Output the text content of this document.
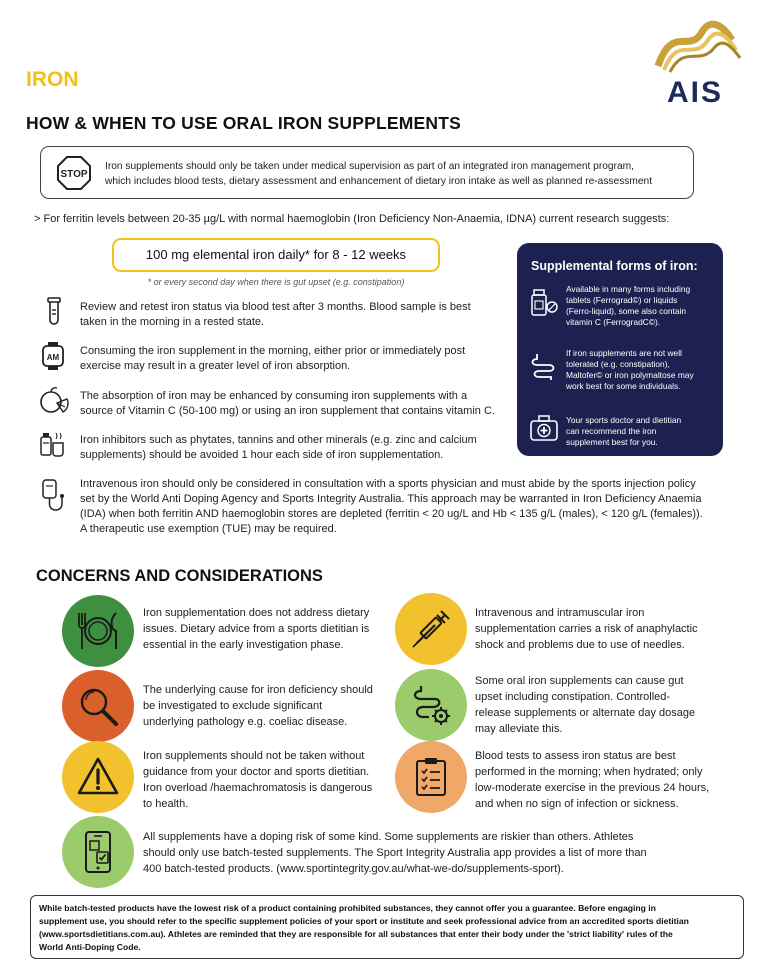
IRON
HOW & WHEN TO USE ORAL IRON SUPPLEMENTS
AIS
STOP
Iron supplements should only be taken under medical supervision as part of an integrated iron management program,
which includes blood tests, dietary assessment and enhancement of dietary iron intake as well as planned re-assessment
> For ferritin levels between 20-35 µg/L with normal haemoglobin (Iron Deficiency Non-Anaemia, IDNA) current research suggests:
100 mg elemental iron daily* for 8 - 12 weeks
* or every second day when there is gut upset (e.g. constipation)
Review and retest iron status via blood test after 3 months. Blood sample is best
taken in the morning in a rested state.
AM
Consuming the iron supplement in the morning, either prior or immediately post
exercise may result in a greater level of iron absorption.
The absorption of iron may be enhanced by consuming iron supplements with a
source of Vitamin C (50-100 mg) or using an iron supplement that contains vitamin C.
Iron inhibitors such as phytates, tannins and other minerals (e.g. zinc and calcium
supplements) should be avoided 1 hour each side of iron supplementation.
Intravenous iron should only be considered in consultation with a sports physician and must abide by the sports injection policy
set by the World Anti Doping Agency and Sports Integrity Australia. This approach may be warranted in Iron Deficiency Anaemia
(IDA) when both ferritin AND haemoglobin stores are depleted (ferritin < 20 ug/L and Hb < 135 g/L (males), < 120 g/L (females)).
A therapeutic use exemption (TUE) may be required.
Supplemental forms of iron:
Available in many forms including
tablets (Ferrograd©) or liquids
(Ferro-liquid), some also contain
vitamin C (FerrogradC©).
If iron supplements are not well
tolerated (e.g. constipation),
Maltofer© or iron polymaltose may
work best for some individuals.
Your sports doctor and dietitian
can recommend the iron
supplement best for you.
CONCERNS AND CONSIDERATIONS
Iron supplementation does not address dietary
issues. Dietary advice from a sports dietitian is
essential in the early investigation phase.
Intravenous and intramuscular iron
supplementation carries a risk of anaphylactic
shock and problems due to use of needles.
The underlying cause for iron deficiency should
be investigated to exclude significant
underlying pathology e.g. coeliac disease.
Some oral iron supplements can cause gut
upset including constipation. Controlled-
release supplements or alternate day dosage
may alleviate this.
Iron supplements should not be taken without
guidance from your doctor and sports dietitian.
Iron overload /haemachromatosis is dangerous
to health.
Blood tests to assess iron status are best
performed in the morning; when hydrated; only
low-moderate exercise in the previous 24 hours,
and when no sign of infection or sickness.
All supplements have a doping risk of some kind. Some supplements are riskier than others. Athletes
should only use batch-tested supplements. The Sport Integrity Australia app provides a list of more than
400 batch-tested products. (www.sportintegrity.gov.au/what-we-do/supplements-sport).
While batch-tested products have the lowest risk of a product containing prohibited substances, they cannot offer you a guarantee. Before engaging in
supplement use, you should refer to the specific supplement policies of your sport or institute and seek professional advice from an accredited sports dietitian
(www.sportsdietitians.com.au). Athletes are reminded that they are responsible for all substances that enter their body under the 'strict liability' rules of the
World Anti-Doping Code.
